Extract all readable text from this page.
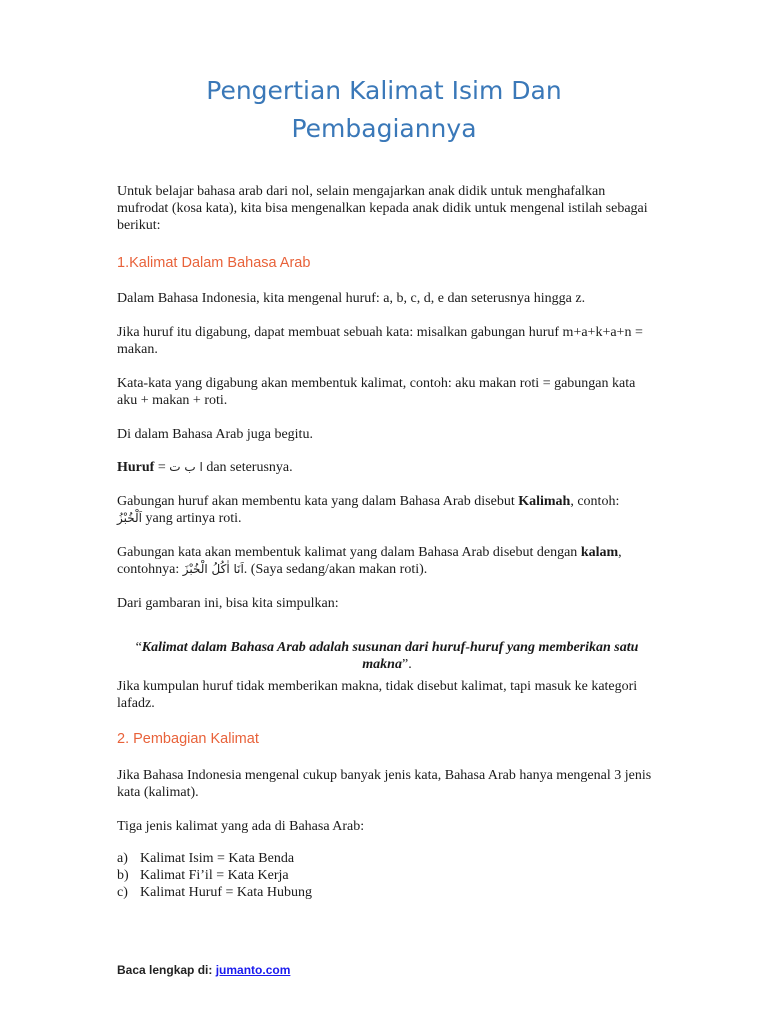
Pengertian Kalimat Isim Dan
Pembagiannya

Untuk belajar bahasa arab dari nol, selain mengajarkan anak didik untuk menghafalkan mufrodat (kosa kata), kita bisa mengenalkan kepada anak didik untuk mengenal istilah sebagai berikut:

1.Kalimat Dalam Bahasa Arab

Dalam Bahasa Indonesia, kita mengenal huruf: a, b, c, d, e dan seterusnya hingga z.

Jika huruf itu digabung, dapat membuat sebuah kata: misalkan gabungan huruf m+a+k+a+n = makan.

Kata-kata yang digabung akan membentuk kalimat, contoh: aku makan roti = gabungan kata aku + makan + roti.

Di dalam Bahasa Arab juga begitu.

Huruf = ا ب ت dan seterusnya.

Gabungan huruf akan membentu kata yang dalam Bahasa Arab disebut Kalimah, contoh:
اَلْخُبْزُ yang artinya roti.

Gabungan kata akan membentuk kalimat yang dalam Bahasa Arab disebut dengan kalam,
contohnya: اَنَا اٰكُلُ الْخُبْزَ. (Saya sedang/akan makan roti).

Dari gambaran ini, bisa kita simpulkan:

“Kalimat dalam Bahasa Arab adalah susunan dari huruf-huruf yang memberikan satu makna”.

Jika kumpulan huruf tidak memberikan makna, tidak disebut kalimat, tapi masuk ke kategori lafadz.

2. Pembagian Kalimat

Jika Bahasa Indonesia mengenal cukup banyak jenis kata, Bahasa Arab hanya mengenal 3 jenis kata (kalimat).

Tiga jenis kalimat yang ada di Bahasa Arab:

a) Kalimat Isim = Kata Benda
b) Kalimat Fi’il = Kata Kerja
c) Kalimat Huruf = Kata Hubung
Baca lengkap di: jumanto.com
